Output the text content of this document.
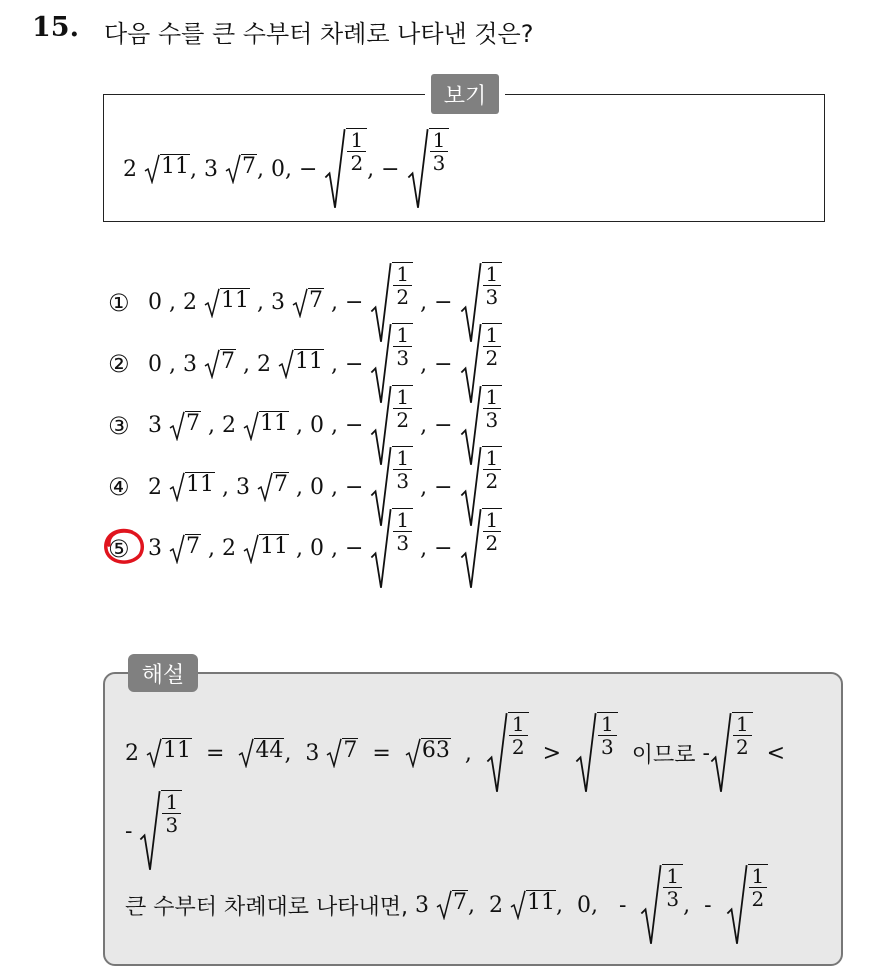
15. 다음 수를 큰 수부터 차례로 나타낸 것은?
보기
2
11 , 3
7 , 0 , − $\frac{1}{2}$ , − $\frac{1}{3}$
① 0 , 2
11 , 3
7 , − $\frac{1}{2}$ , − $\frac{1}{3}$
② 0 , 3
7 , 2
11 , − $\frac{1}{3}$ , − $\frac{1}{2}$
③ 3
7 , 2
11 , 0 , − $\frac{1}{2}$ , − $\frac{1}{3}$
④ 2
11 , 3
7 , 0 , − $\frac{1}{3}$ , − $\frac{1}{2}$
⑤ 3
7 , 2
11 , 0 , − $\frac{1}{3}$ , − $\frac{1}{2}$
해설
2
11
=
44 , 3
7
=
63 , $\frac{1}{2}$
>
$\frac{1}{3}$
이므로
- $\frac{1}{2}$
<
-
$\frac{1}{3}$
큰 수부터 차례대로 나타내면,
3
7 , 2
11 , 0 , -
$\frac{1}{3}$ , -
$\frac{1}{2}$
